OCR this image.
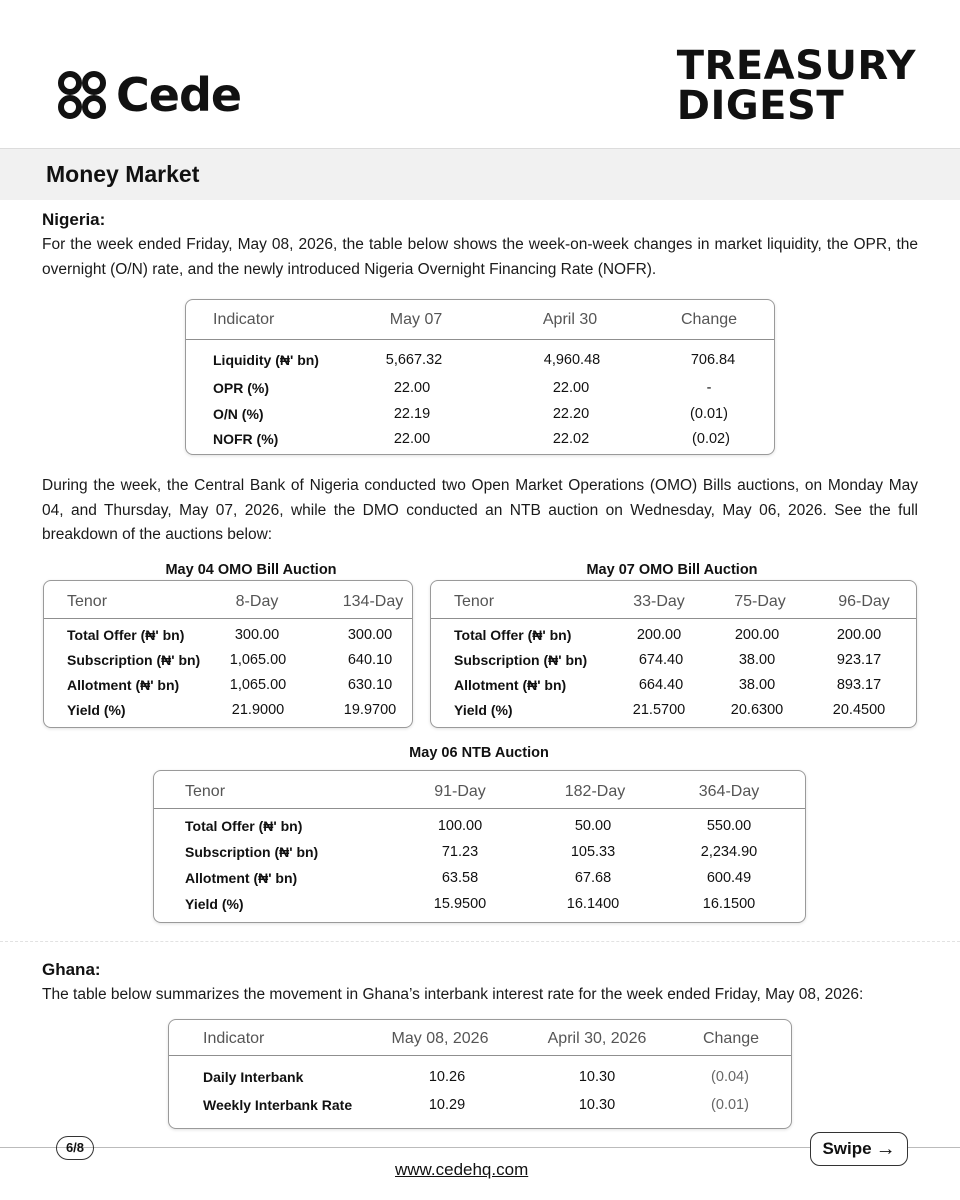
Cede
TREASURY
DIGEST
Money Market
Nigeria:
For the week ended Friday, May 08, 2026, the table below shows the week-on-week changes in market liquidity, the OPR, the overnight (O/N) rate, and the newly introduced Nigeria Overnight Financing Rate (NOFR).
Indicator	May 07	April 30	Change
Liquidity (₦' bn)	5,667.32	4,960.48	706.84
OPR (%)	22.00	22.00	-
O/N (%)	22.19	22.20	(0.01)
NOFR (%)	22.00	22.02	(0.02)
During the week, the Central Bank of Nigeria conducted two Open Market Operations (OMO) Bills auctions, on Monday May 04, and Thursday, May 07, 2026, while the DMO conducted an NTB auction on Wednesday, May 06, 2026. See the full breakdown of the auctions below:
May 04 OMO Bill Auction
Tenor	8-Day	134-Day
Total Offer (₦' bn)	300.00	300.00
Subscription (₦' bn) 1,065.00	640.10
Allotment (₦' bn)	1,065.00	630.10
Yield (%)	21.9000	19.9700
May 07 OMO Bill Auction
Tenor	33-Day	75-Day	96-Day
Total Offer (₦' bn)	200.00	200.00	200.00
Subscription (₦' bn)	674.40	38.00	923.17
Allotment (₦' bn)	664.40	38.00	893.17
Yield (%)	21.5700	20.6300	20.4500
May 06 NTB Auction
Tenor	91-Day	182-Day	364-Day
Total Offer (₦' bn)	100.00	50.00	550.00
Subscription (₦' bn)	71.23	105.33	2,234.90
Allotment (₦' bn)	63.58	67.68	600.49
Yield (%)	15.9500	16.1400	16.1500
Ghana:
The table below summarizes the movement in Ghana’s interbank interest rate for the week ended Friday, May 08, 2026:
Indicator	May 08, 2026	April 30, 2026	Change
Daily Interbank	10.26	10.30	(0.04)
Weekly Interbank Rate	10.29	10.30	(0.01)
6/8	Swipe →
www.cedehq.com
